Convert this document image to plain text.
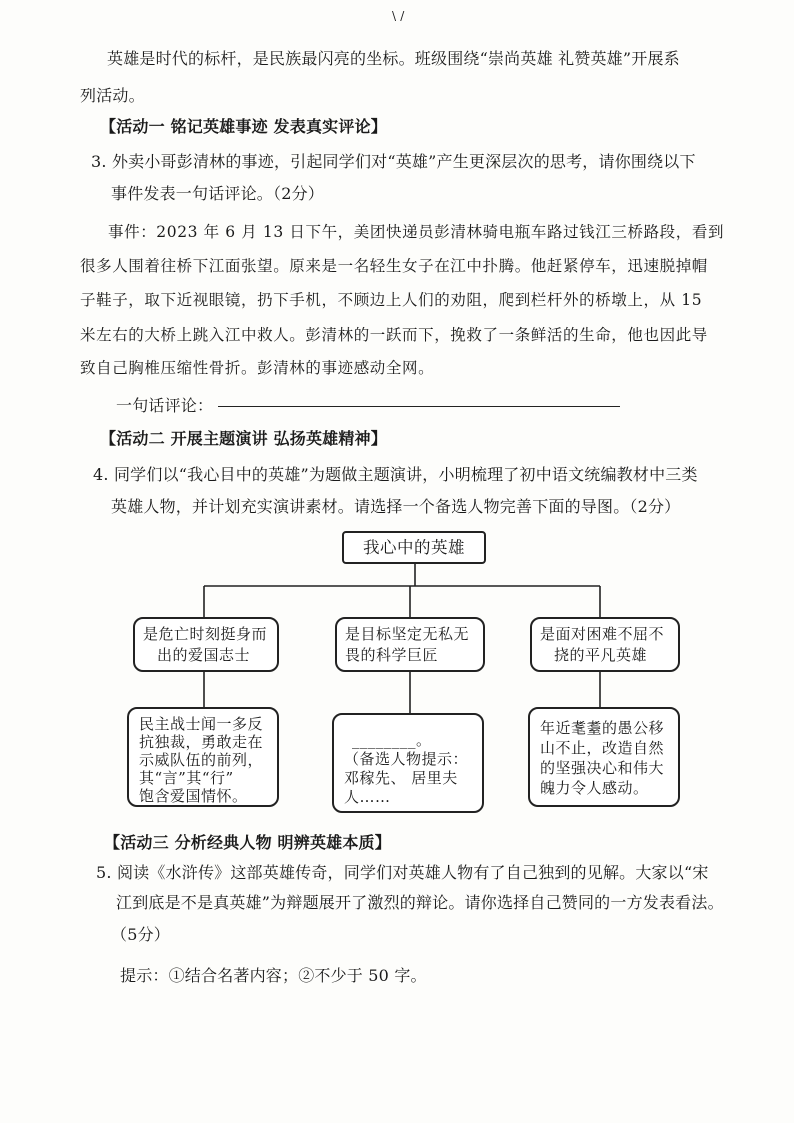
\ /
英雄是时代的标杆，是民族最闪亮的坐标。班级围绕“崇尚英雄 礼赞英雄”开展系
列活动。
【活动一 铭记英雄事迹 发表真实评论】
3. 外卖小哥彭清林的事迹，引起同学们对“英雄”产生更深层次的思考，请你围绕以下
事件发表一句话评论。（2分）
事件：2023 年 6 月 13 日下午，美团快递员彭清林骑电瓶车路过钱江三桥路段，看到
很多人围着往桥下江面张望。原来是一名轻生女子在江中扑腾。他赶紧停车，迅速脱掉帽
子鞋子，取下近视眼镜，扔下手机，不顾边上人们的劝阻，爬到栏杆外的桥墩上，从 15
米左右的大桥上跳入江中救人。彭清林的一跃而下，挽救了一条鲜活的生命，他也因此导
致自己胸椎压缩性骨折。彭清林的事迹感动全网。
一句话评论：
【活动二 开展主题演讲 弘扬英雄精神】
4. 同学们以“我心目中的英雄”为题做主题演讲，小明梳理了初中语文统编教材中三类
英雄人物，并计划充实演讲素材。请选择一个备选人物完善下面的导图。（2分）
我心中的英雄
是危亡时刻挺身而
出的爱国志士
是目标坚定无私无
畏的科学巨匠
是面对困难不屈不
挠的平凡英雄
民主战士闻一多反
抗独裁，勇敢走在
示威队伍的前列，
其“言”其“行”
饱含爱国情怀。
________。
（备选人物提示：
邓稼先、 居里夫
人……
年近耄耋的愚公移
山不止，改造自然
的坚强决心和伟大
魄力令人感动。
【活动三 分析经典人物 明辨英雄本质】
5. 阅读《水浒传》这部英雄传奇，同学们对英雄人物有了自己独到的见解。大家以“宋
江到底是不是真英雄”为辩题展开了激烈的辩论。请你选择自己赞同的一方发表看法。
（5分）
提示：①结合名著内容；②不少于 50 字。
